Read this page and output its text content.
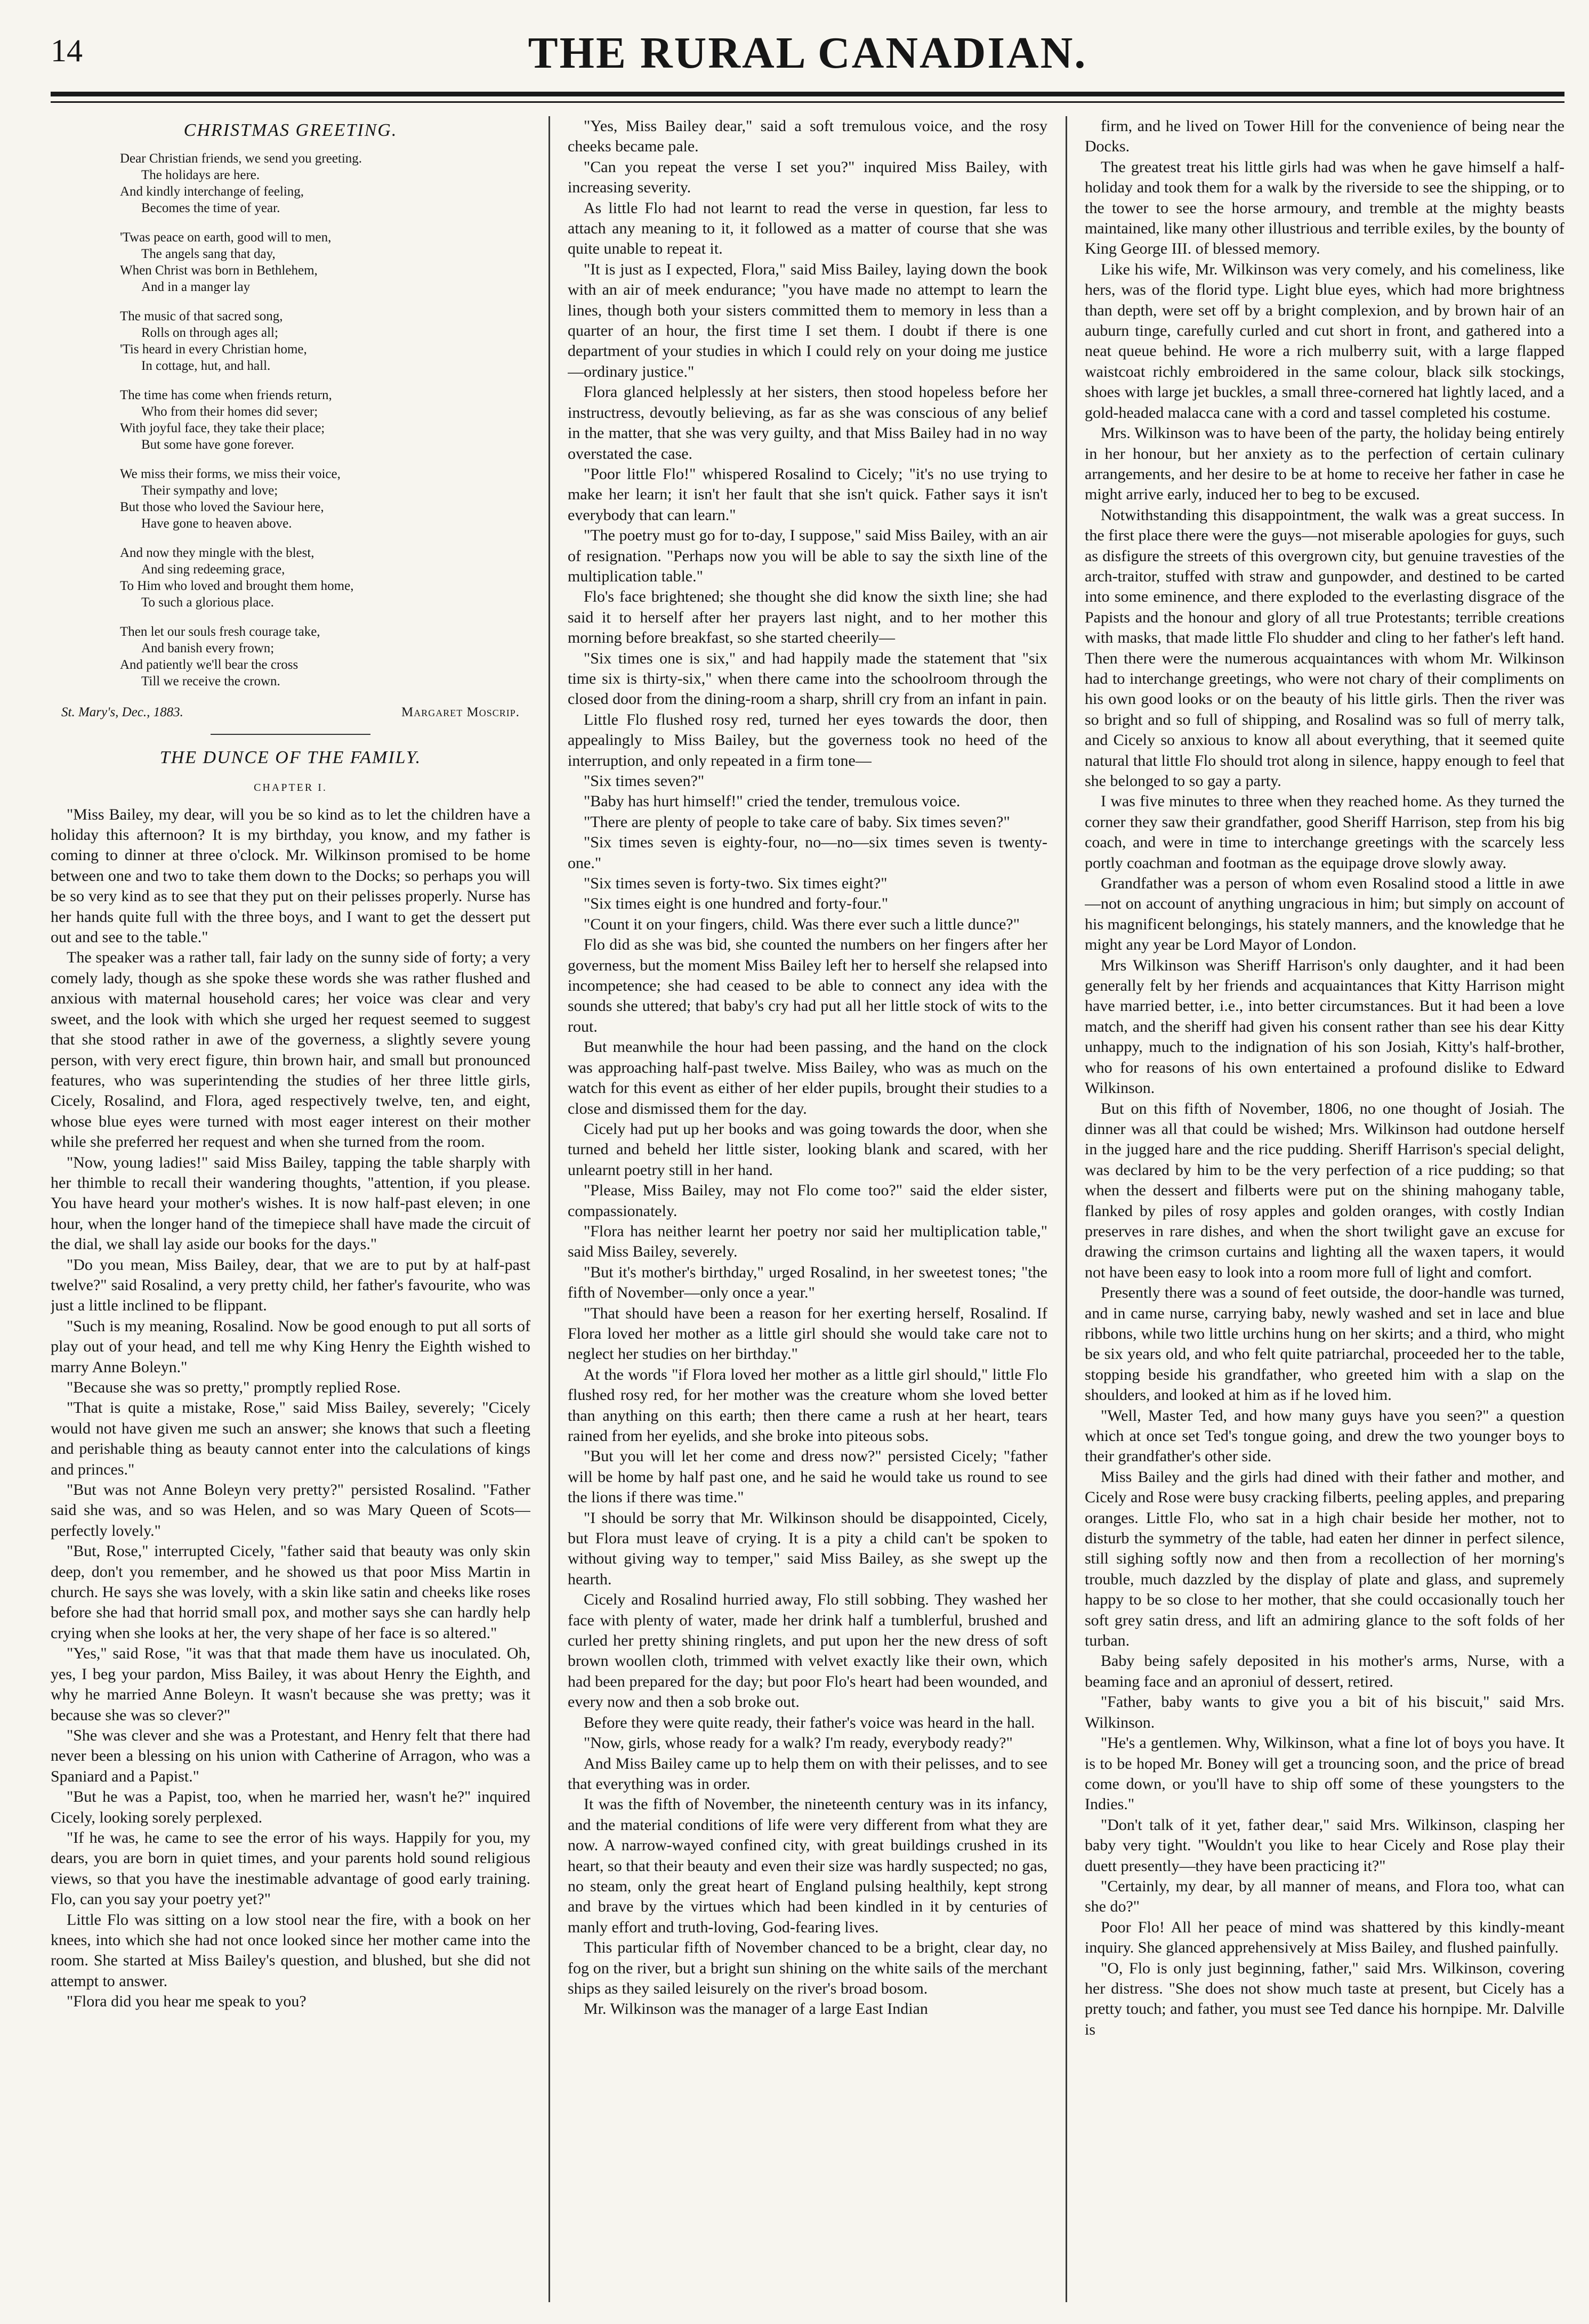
14	THE RURAL CANADIAN.
CHRISTMAS GREETING.
Dear Christian friends, we send you greeting.
The holidays are here.
And kindly interchange of feeling,
Becomes the time of year.
'Twas peace on earth, good will to men,
The angels sang that day,
When Christ was born in Bethlehem,
And in a manger lay
The music of that sacred song,
Rolls on through ages all;
'Tis heard in every Christian home,
In cottage, hut, and hall.
The time has come when friends return,
Who from their homes did sever;
With joyful face, they take their place;
But some have gone forever.
We miss their forms, we miss their voice,
Their sympathy and love;
But those who loved the Saviour here,
Have gone to heaven above.
And now they mingle with the blest,
And sing redeeming grace,
To Him who loved and brought them home,
To such a glorious place.
Then let our souls fresh courage take,
And banish every frown;
And patiently we'll bear the cross
Till we receive the crown.
St. Mary's, Dec., 1883.	Margaret Moscrip.
THE DUNCE OF THE FAMILY.
CHAPTER I.

"Miss Bailey, my dear, will you be so kind as to let the children have a holiday this afternoon? It is my birthday, you know, and my father is coming to dinner at three o'clock. Mr. Wilkinson promised to be home between one and two to take them down to the Docks; so perhaps you will be so very kind as to see that they put on their pelisses properly. Nurse has her hands quite full with the three boys, and I want to get the dessert put out and see to the table."

The speaker was a rather tall, fair lady on the sunny side of forty; a very comely lady, though as she spoke these words she was rather flushed and anxious with maternal household cares; her voice was clear and very sweet, and the look with which she urged her request seemed to suggest that she stood rather in awe of the governess, a slightly severe young person, with very erect figure, thin brown hair, and small but pronounced features, who was superintending the studies of her three little girls, Cicely, Rosalind, and Flora, aged respectively twelve, ten, and eight, whose blue eyes were turned with most eager interest on their mother while she preferred her request and when she turned from the room.

"Now, young ladies!" said Miss Bailey, tapping the table sharply with her thimble to recall their wandering thoughts, "attention, if you please. You have heard your mother's wishes. It is now half-past eleven; in one hour, when the longer hand of the timepiece shall have made the circuit of the dial, we shall lay aside our books for the days."

"Do you mean, Miss Bailey, dear, that we are to put by at half-past twelve?" said Rosalind, a very pretty child, her father's favourite, who was just a little inclined to be flippant.

"Such is my meaning, Rosalind. Now be good enough to put all sorts of play out of your head, and tell me why King Henry the Eighth wished to marry Anne Boleyn."

"Because she was so pretty," promptly replied Rose.

"That is quite a mistake, Rose," said Miss Bailey, severely; "Cicely would not have given me such an answer; she knows that such a fleeting and perishable thing as beauty cannot enter into the calculations of kings and princes."

"But was not Anne Boleyn very pretty?" persisted Rosalind. "Father said she was, and so was Helen, and so was Mary Queen of Scots—perfectly lovely."

"But, Rose," interrupted Cicely, "father said that beauty was only skin deep, don't you remember, and he showed us that poor Miss Martin in church. He says she was lovely, with a skin like satin and cheeks like roses before she had that horrid small pox, and mother says she can hardly help crying when she looks at her, the very shape of her face is so altered."

"Yes," said Rose, "it was that that made them have us inoculated. Oh, yes, I beg your pardon, Miss Bailey, it was about Henry the Eighth, and why he married Anne Boleyn. It wasn't because she was pretty; was it because she was so clever?"

"She was clever and she was a Protestant, and Henry felt that there had never been a blessing on his union with Catherine of Arragon, who was a Spaniard and a Papist."

"But he was a Papist, too, when he married her, wasn't he?" inquired Cicely, looking sorely perplexed.

"If he was, he came to see the error of his ways. Happily for you, my dears, you are born in quiet times, and your parents hold sound religious views, so that you have the inestimable advantage of good early training. Flo, can you say your poetry yet?"

Little Flo was sitting on a low stool near the fire, with a book on her knees, into which she had not once looked since her mother came into the room. She started at Miss Bailey's question, and blushed, but she did not attempt to answer.

"Flora did you hear me speak to you?

"Yes, Miss Bailey dear," said a soft tremulous voice, and the rosy cheeks became pale.

"Can you repeat the verse I set you?" inquired Miss Bailey, with increasing severity.

As little Flo had not learnt to read the verse in question, far less to attach any meaning to it, it followed as a matter of course that she was quite unable to repeat it.

"It is just as I expected, Flora," said Miss Bailey, laying down the book with an air of meek endurance; "you have made no attempt to learn the lines, though both your sisters committed them to memory in less than a quarter of an hour, the first time I set them. I doubt if there is one department of your studies in which I could rely on your doing me justice—ordinary justice."

Flora glanced helplessly at her sisters, then stood hopeless before her instructress, devoutly believing, as far as she was conscious of any belief in the matter, that she was very guilty, and that Miss Bailey had in no way overstated the case.

"Poor little Flo!" whispered Rosalind to Cicely; "it's no use trying to make her learn; it isn't her fault that she isn't quick. Father says it isn't everybody that can learn."

"The poetry must go for to-day, I suppose," said Miss Bailey, with an air of resignation. "Perhaps now you will be able to say the sixth line of the multiplication table."

Flo's face brightened; she thought she did know the sixth line; she had said it to herself after her prayers last night, and to her mother this morning before breakfast, so she started cheerily—

"Six times one is six," and had happily made the statement that "six time six is thirty-six," when there came into the schoolroom through the closed door from the dining-room a sharp, shrill cry from an infant in pain.

Little Flo flushed rosy red, turned her eyes towards the door, then appealingly to Miss Bailey, but the governess took no heed of the interruption, and only repeated in a firm tone—

"Six times seven?"

"Baby has hurt himself!" cried the tender, tremulous voice.

"There are plenty of people to take care of baby. Six times seven?"

"Six times seven is eighty-four, no—no—six times seven is twenty-one."

"Six times seven is forty-two. Six times eight?"

"Six times eight is one hundred and forty-four."

"Count it on your fingers, child. Was there ever such a little dunce?"

Flo did as she was bid, she counted the numbers on her fingers after her governess, but the moment Miss Bailey left her to herself she relapsed into incompetence; she had ceased to be able to connect any idea with the sounds she uttered; that baby's cry had put all her little stock of wits to the rout.

But meanwhile the hour had been passing, and the hand on the clock was approaching half-past twelve. Miss Bailey, who was as much on the watch for this event as either of her elder pupils, brought their studies to a close and dismissed them for the day.

Cicely had put up her books and was going towards the door, when she turned and beheld her little sister, looking blank and scared, with her unlearnt poetry still in her hand.

"Please, Miss Bailey, may not Flo come too?" said the elder sister, compassionately.

"Flora has neither learnt her poetry nor said her multiplication table," said Miss Bailey, severely.

"But it's mother's birthday," urged Rosalind, in her sweetest tones; "the fifth of November—only once a year."

"That should have been a reason for her exerting herself, Rosalind. If Flora loved her mother as a little girl should she would take care not to neglect her studies on her birthday."

At the words "if Flora loved her mother as a little girl should," little Flo flushed rosy red, for her mother was the creature whom she loved better than anything on this earth; then there came a rush at her heart, tears rained from her eyelids, and she broke into piteous sobs.

"But you will let her come and dress now?" persisted Cicely; "father will be home by half past one, and he said he would take us round to see the lions if there was time."

"I should be sorry that Mr. Wilkinson should be disappointed, Cicely, but Flora must leave of crying. It is a pity a child can't be spoken to without giving way to temper," said Miss Bailey, as she swept up the hearth.

Cicely and Rosalind hurried away, Flo still sobbing. They washed her face with plenty of water, made her drink half a tumblerful, brushed and curled her pretty shining ringlets, and put upon her the new dress of soft brown woollen cloth, trimmed with velvet exactly like their own, which had been prepared for the day; but poor Flo's heart had been wounded, and every now and then a sob broke out.

Before they were quite ready, their father's voice was heard in the hall.

"Now, girls, whose ready for a walk? I'm ready, everybody ready?"

And Miss Bailey came up to help them on with their pelisses, and to see that everything was in order.

It was the fifth of November, the nineteenth century was in its infancy, and the material conditions of life were very different from what they are now. A narrow-wayed confined city, with great buildings crushed in its heart, so that their beauty and even their size was hardly suspected; no gas, no steam, only the great heart of England pulsing healthily, kept strong and brave by the virtues which had been kindled in it by centuries of manly effort and truth-loving, God-fearing lives.

This particular fifth of November chanced to be a bright, clear day, no fog on the river, but a bright sun shining on the white sails of the merchant ships as they sailed leisurely on the river's broad bosom.

Mr. Wilkinson was the manager of a large East Indian

firm, and he lived on Tower Hill for the convenience of being near the Docks.

The greatest treat his little girls had was when he gave himself a half-holiday and took them for a walk by the riverside to see the shipping, or to the tower to see the horse armoury, and tremble at the mighty beasts maintained, like many other illustrious and terrible exiles, by the bounty of King George III. of blessed memory.

Like his wife, Mr. Wilkinson was very comely, and his comeliness, like hers, was of the florid type. Light blue eyes, which had more brightness than depth, were set off by a bright complexion, and by brown hair of an auburn tinge, carefully curled and cut short in front, and gathered into a neat queue behind. He wore a rich mulberry suit, with a large flapped waistcoat richly embroidered in the same colour, black silk stockings, shoes with large jet buckles, a small three-cornered hat lightly laced, and a gold-headed malacca cane with a cord and tassel completed his costume.

Mrs. Wilkinson was to have been of the party, the holiday being entirely in her honour, but her anxiety as to the perfection of certain culinary arrangements, and her desire to be at home to receive her father in case he might arrive early, induced her to beg to be excused.

Notwithstanding this disappointment, the walk was a great success. In the first place there were the guys—not miserable apologies for guys, such as disfigure the streets of this overgrown city, but genuine travesties of the arch-traitor, stuffed with straw and gunpowder, and destined to be carted into some eminence, and there exploded to the everlasting disgrace of the Papists and the honour and glory of all true Protestants; terrible creations with masks, that made little Flo shudder and cling to her father's left hand. Then there were the numerous acquaintances with whom Mr. Wilkinson had to interchange greetings, who were not chary of their compliments on his own good looks or on the beauty of his little girls. Then the river was so bright and so full of shipping, and Rosalind was so full of merry talk, and Cicely so anxious to know all about everything, that it seemed quite natural that little Flo should trot along in silence, happy enough to feel that she belonged to so gay a party.

I was five minutes to three when they reached home. As they turned the corner they saw their grandfather, good Sheriff Harrison, step from his big coach, and were in time to interchange greetings with the scarcely less portly coachman and footman as the equipage drove slowly away.

Grandfather was a person of whom even Rosalind stood a little in awe—not on account of anything ungracious in him; but simply on account of his magnificent belongings, his stately manners, and the knowledge that he might any year be Lord Mayor of London.

Mrs Wilkinson was Sheriff Harrison's only daughter, and it had been generally felt by her friends and acquaintances that Kitty Harrison might have married better, i.e., into better circumstances. But it had been a love match, and the sheriff had given his consent rather than see his dear Kitty unhappy, much to the indignation of his son Josiah, Kitty's half-brother, who for reasons of his own entertained a profound dislike to Edward Wilkinson.

But on this fifth of November, 1806, no one thought of Josiah. The dinner was all that could be wished; Mrs. Wilkinson had outdone herself in the jugged hare and the rice pudding. Sheriff Harrison's special delight, was declared by him to be the very perfection of a rice pudding; so that when the dessert and filberts were put on the shining mahogany table, flanked by piles of rosy apples and golden oranges, with costly Indian preserves in rare dishes, and when the short twilight gave an excuse for drawing the crimson curtains and lighting all the waxen tapers, it would not have been easy to look into a room more full of light and comfort.

Presently there was a sound of feet outside, the door-handle was turned, and in came nurse, carrying baby, newly washed and set in lace and blue ribbons, while two little urchins hung on her skirts; and a third, who might be six years old, and who felt quite patriarchal, proceeded her to the table, stopping beside his grandfather, who greeted him with a slap on the shoulders, and looked at him as if he loved him.

"Well, Master Ted, and how many guys have you seen?" a question which at once set Ted's tongue going, and drew the two younger boys to their grandfather's other side.

Miss Bailey and the girls had dined with their father and mother, and Cicely and Rose were busy cracking filberts, peeling apples, and preparing oranges. Little Flo, who sat in a high chair beside her mother, not to disturb the symmetry of the table, had eaten her dinner in perfect silence, still sighing softly now and then from a recollection of her morning's trouble, much dazzled by the display of plate and glass, and supremely happy to be so close to her mother, that she could occasionally touch her soft grey satin dress, and lift an admiring glance to the soft folds of her turban.

Baby being safely deposited in his mother's arms, Nurse, with a beaming face and an aproniul of dessert, retired.

"Father, baby wants to give you a bit of his biscuit," said Mrs. Wilkinson.

"He's a gentlemen. Why, Wilkinson, what a fine lot of boys you have. It is to be hoped Mr. Boney will get a trouncing soon, and the price of bread come down, or you'll have to ship off some of these youngsters to the Indies."

"Don't talk of it yet, father dear," said Mrs. Wilkinson, clasping her baby very tight. "Wouldn't you like to hear Cicely and Rose play their duett presently—they have been practicing it?"

"Certainly, my dear, by all manner of means, and Flora too, what can she do?"

Poor Flo! All her peace of mind was shattered by this kindly-meant inquiry. She glanced apprehensively at Miss Bailey, and flushed painfully.

"O, Flo is only just beginning, father," said Mrs. Wilkinson, covering her distress. "She does not show much taste at present, but Cicely has a pretty touch; and father, you must see Ted dance his hornpipe. Mr. Dalville is
